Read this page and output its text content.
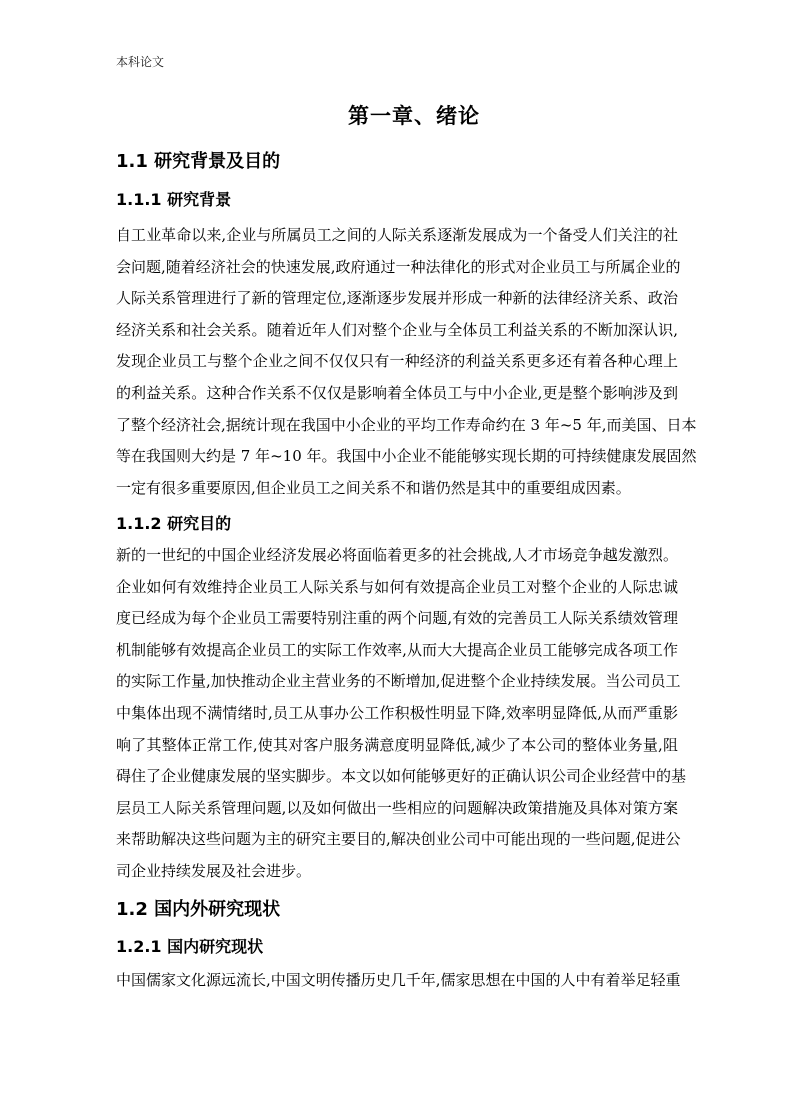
本科论文
第一章、绪论
1.1 研究背景及目的
1.1.1 研究背景
自工业革命以来,企业与所属员工之间的人际关系逐渐发展成为一个备受人们关注的社
会问题,随着经济社会的快速发展,政府通过一种法律化的形式对企业员工与所属企业的
人际关系管理进行了新的管理定位,逐渐逐步发展并形成一种新的法律经济关系、政治
经济关系和社会关系。随着近年人们对整个企业与全体员工利益关系的不断加深认识,
发现企业员工与整个企业之间不仅仅只有一种经济的利益关系更多还有着各种心理上
的利益关系。这种合作关系不仅仅是影响着全体员工与中小企业,更是整个影响涉及到
了整个经济社会,据统计现在我国中小企业的平均工作寿命约在 3 年~5 年,而美国、日本
等在我国则大约是 7 年~10 年。我国中小企业不能能够实现长期的可持续健康发展固然
一定有很多重要原因,但企业员工之间关系不和谐仍然是其中的重要组成因素。
1.1.2 研究目的
新的一世纪的中国企业经济发展必将面临着更多的社会挑战,人才市场竞争越发激烈。
企业如何有效维持企业员工人际关系与如何有效提高企业员工对整个企业的人际忠诚
度已经成为每个企业员工需要特别注重的两个问题,有效的完善员工人际关系绩效管理
机制能够有效提高企业员工的实际工作效率,从而大大提高企业员工能够完成各项工作
的实际工作量,加快推动企业主营业务的不断增加,促进整个企业持续发展。当公司员工
中集体出现不满情绪时,员工从事办公工作积极性明显下降,效率明显降低,从而严重影
响了其整体正常工作,使其对客户服务满意度明显降低,减少了本公司的整体业务量,阻
碍住了企业健康发展的坚实脚步。本文以如何能够更好的正确认识公司企业经营中的基
层员工人际关系管理问题,以及如何做出一些相应的问题解决政策措施及具体对策方案
来帮助解决这些问题为主的研究主要目的,解决创业公司中可能出现的一些问题,促进公
司企业持续发展及社会进步。
1.2 国内外研究现状
1.2.1 国内研究现状
中国儒家文化源远流长,中国文明传播历史几千年,儒家思想在中国的人中有着举足轻重
